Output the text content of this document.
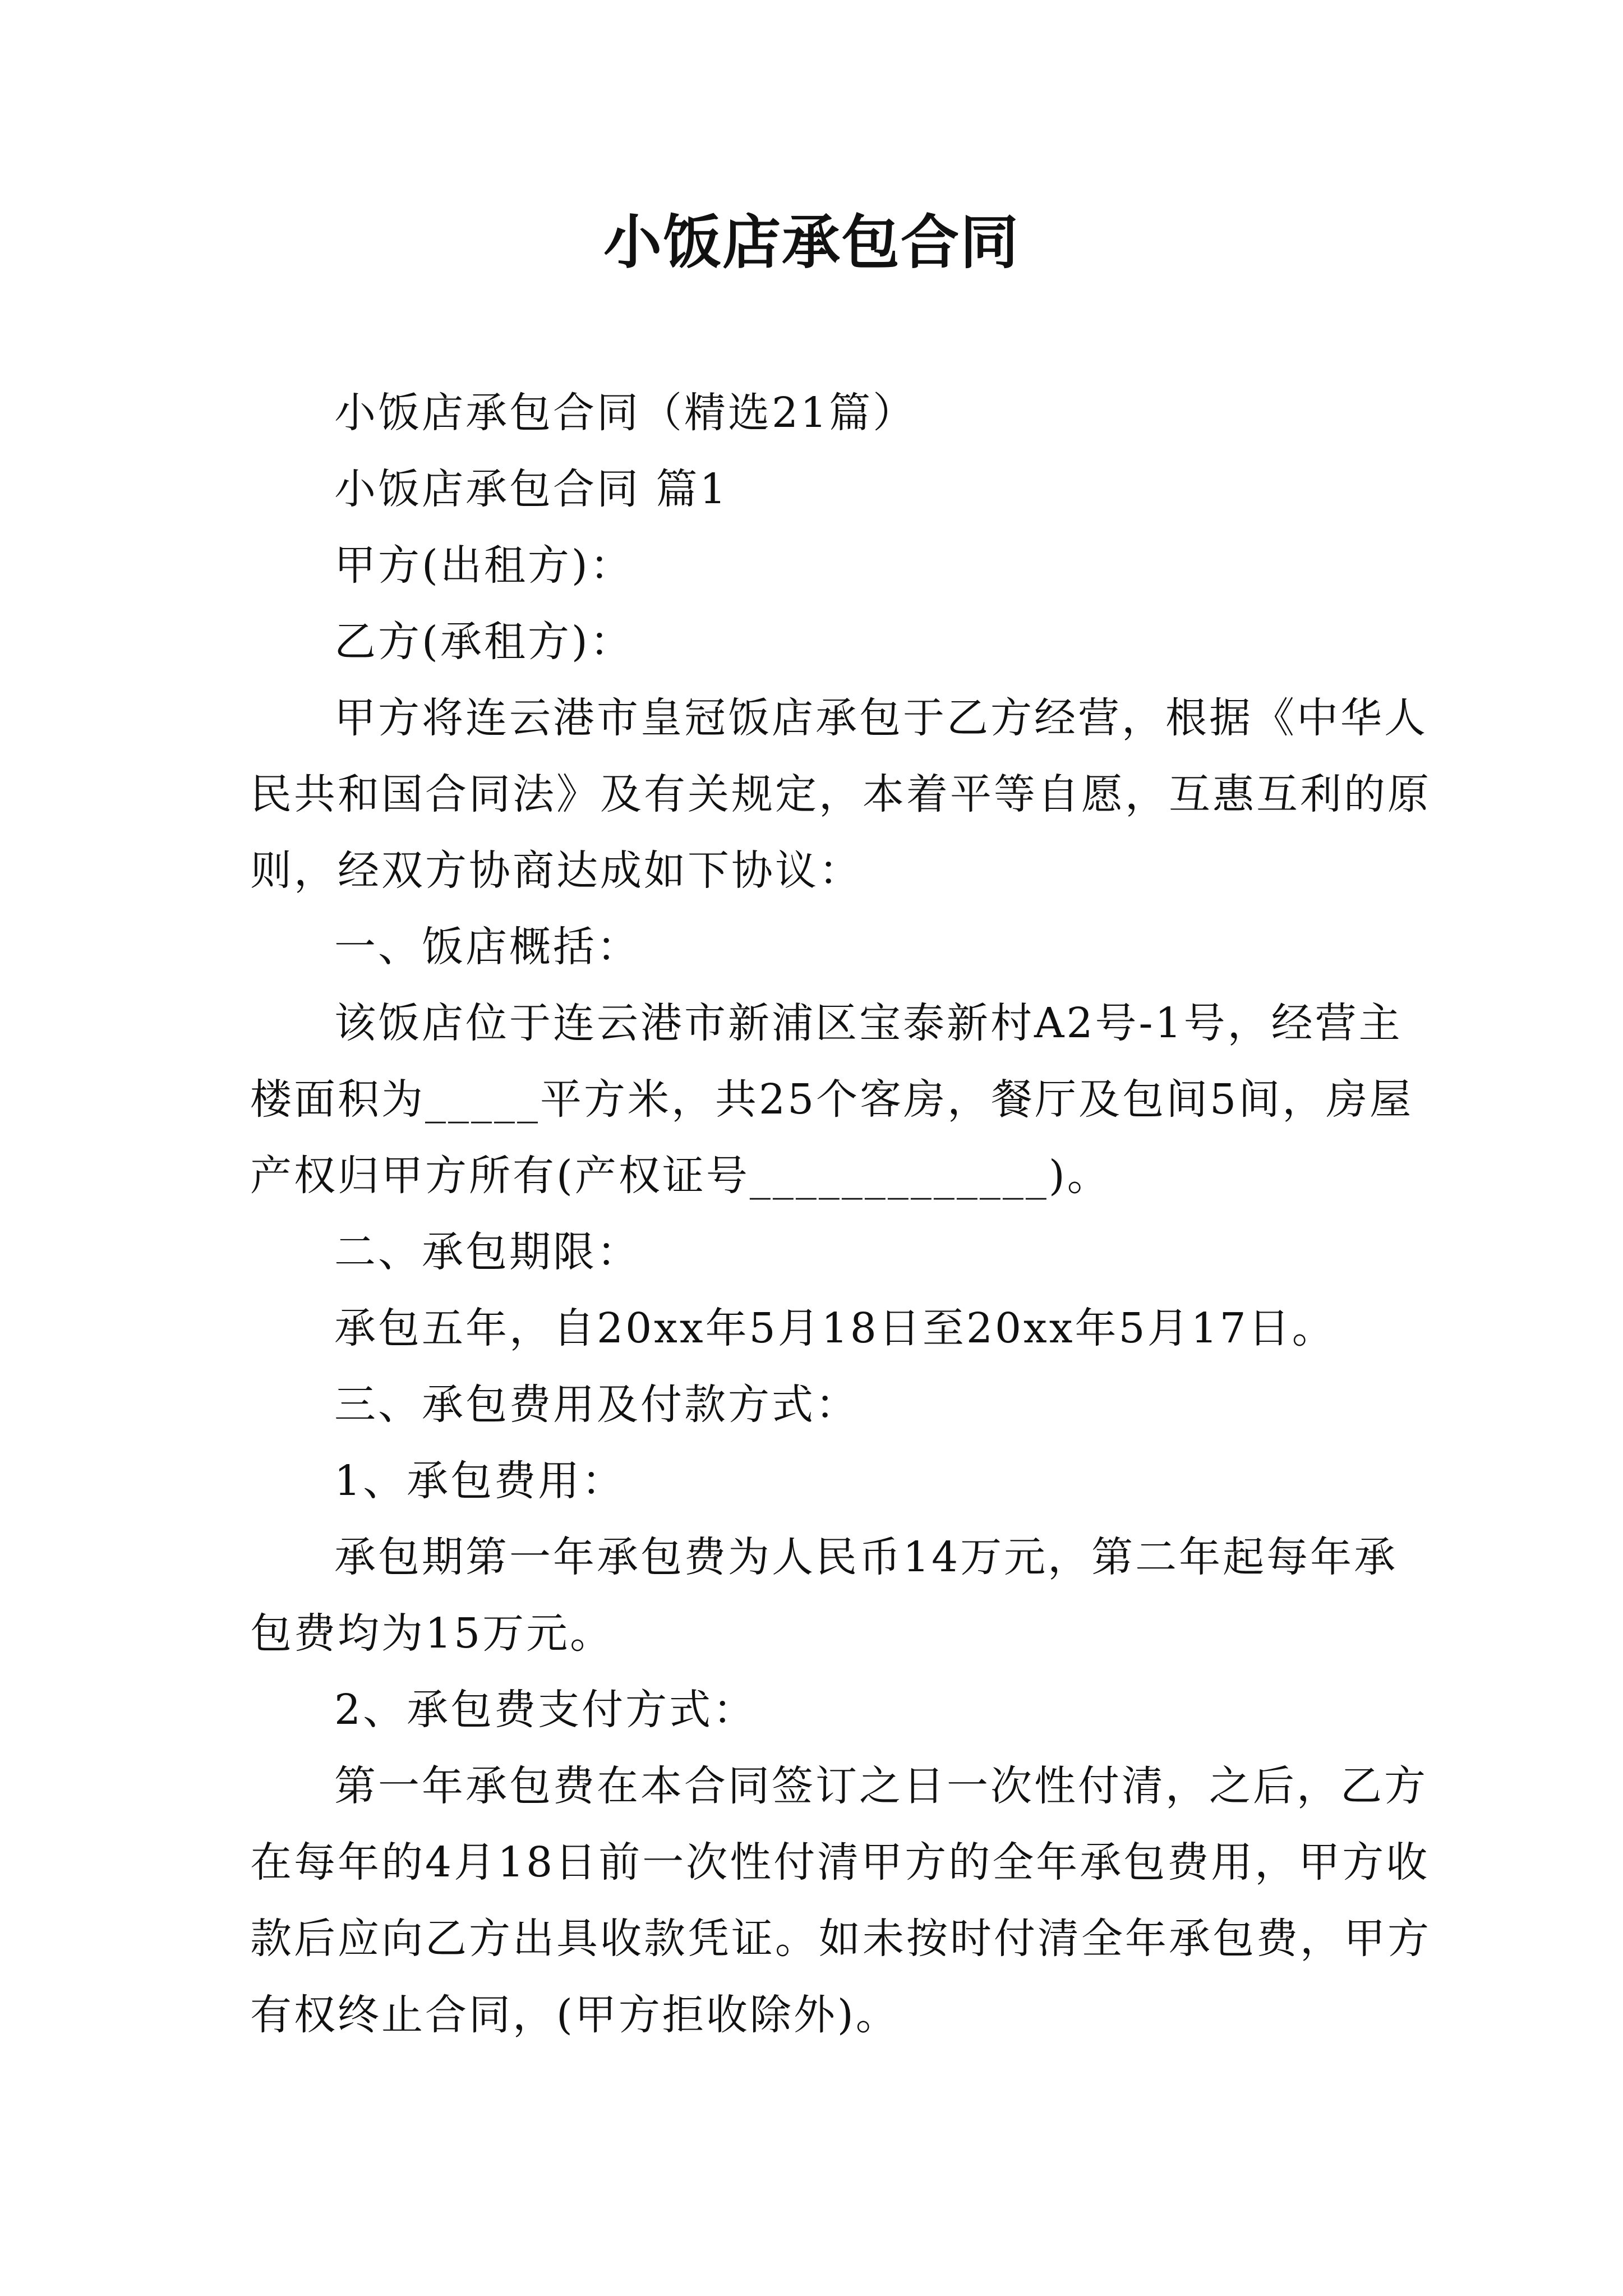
小饭店承包合同

小饭店承包合同（精选21篇）

小饭店承包合同 篇1

甲方(出租方)：

乙方(承租方)：

甲方将连云港市皇冠饭店承包于乙方经营，根据《中华人民共和国合同法》及有关规定，本着平等自愿，互惠互利的原则，经双方协商达成如下协议：

一、饭店概括：

该饭店位于连云港市新浦区宝泰新村A2号-1号，经营主楼面积为_____平方米，共25个客房，餐厅及包间5间，房屋产权归甲方所有(产权证号_____________)。

二、承包期限：

承包五年，自20xx年5月18日至20xx年5月17日。

三、承包费用及付款方式：

1、承包费用：

承包期第一年承包费为人民币14万元，第二年起每年承包费均为15万元。

2、承包费支付方式：

第一年承包费在本合同签订之日一次性付清，之后，乙方在每年的4月18日前一次性付清甲方的全年承包费用，甲方收款后应向乙方出具收款凭证。如未按时付清全年承包费，甲方有权终止合同，(甲方拒收除外)。
